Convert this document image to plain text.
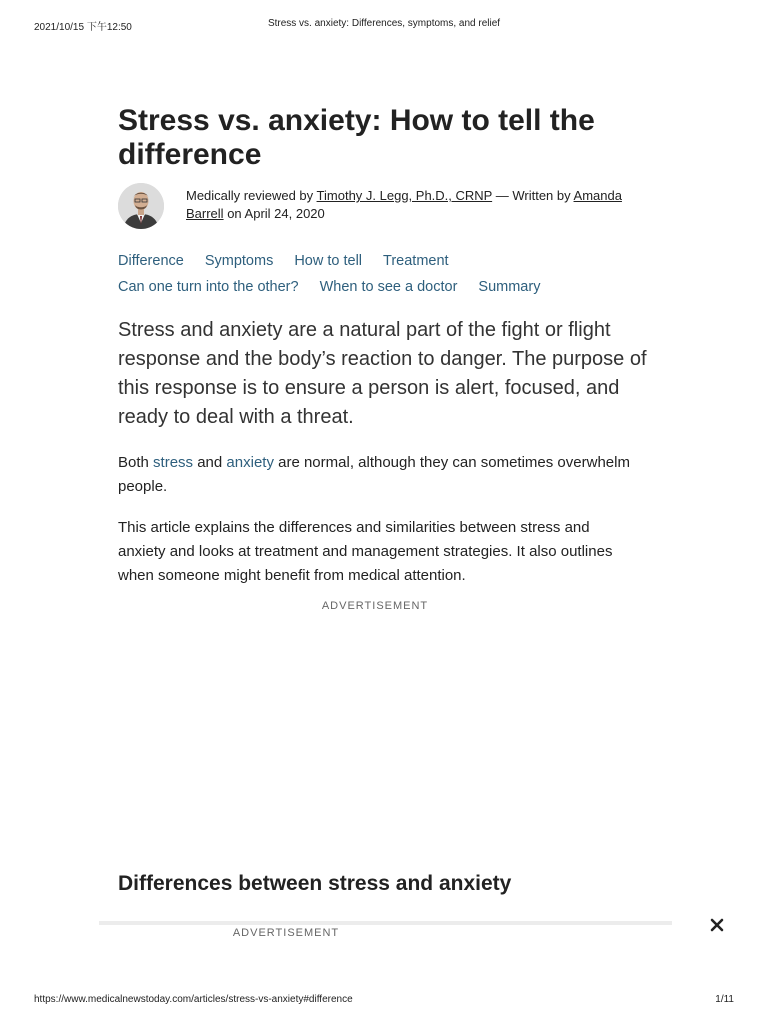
2021/10/15 下午12:50	Stress vs. anxiety: Differences, symptoms, and relief
Stress vs. anxiety: How to tell the difference
Medically reviewed by Timothy J. Legg, Ph.D., CRNP — Written by Amanda Barrell on April 24, 2020
Difference Symptoms How to tell Treatment
Can one turn into the other? When to see a doctor Summary

Stress and anxiety are a natural part of the fight or flight response and the body’s reaction to danger. The purpose of this response is to ensure a person is alert, focused, and ready to deal with a threat.

Both stress and anxiety are normal, although they can sometimes overwhelm people.

This article explains the differences and similarities between stress and anxiety and looks at treatment and management strategies. It also outlines when someone might benefit from medical attention.

ADVERTISEMENT
Differences between stress and anxiety
ADVERTISEMENT
https://www.medicalnewstoday.com/articles/stress-vs-anxiety#difference	1/11
